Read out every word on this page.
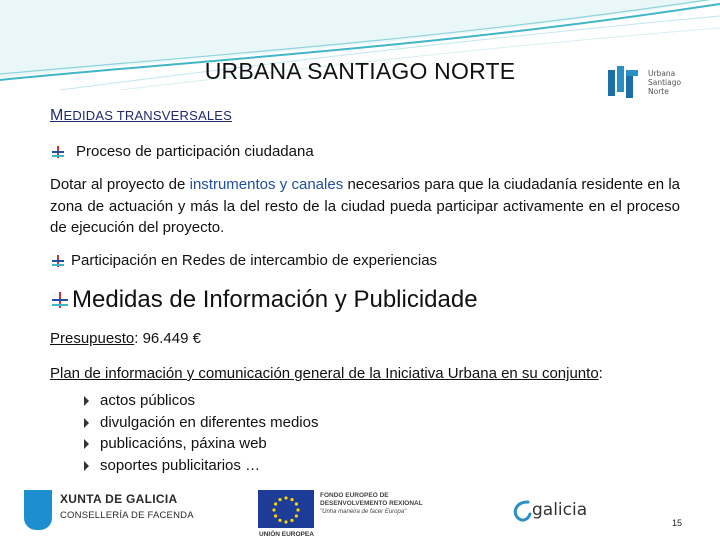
URBANA SANTIAGO NORTE	Urbana
Santiago
Norte
MEDIDAS TRANSVERSALES
Proceso de participación ciudadana
Dotar al proyecto de instrumentos y canales necesarios para que la ciudadanía residente en la zona de actuación y más la del resto de la ciudad pueda participar activamente en el proceso de ejecución del proyecto.
Participación en Redes de intercambio de experiencias
Medidas de Información y Publicidade
Presupuesto: 96.449 €
Plan de información y comunicación general de la Iniciativa Urbana en su conjunto:
actos públicos
divulgación en diferentes medios
publicacións, páxina web
soportes publicitarios …
XUNTA DE GALICIA
CONSELLERÍA DE FACENDA
UNIÓN EUROPEA
FONDO EUROPEO DE
DESENVOLVEMENTO REXIONAL
"Unha maneira de facer Europa"	galicia
15
